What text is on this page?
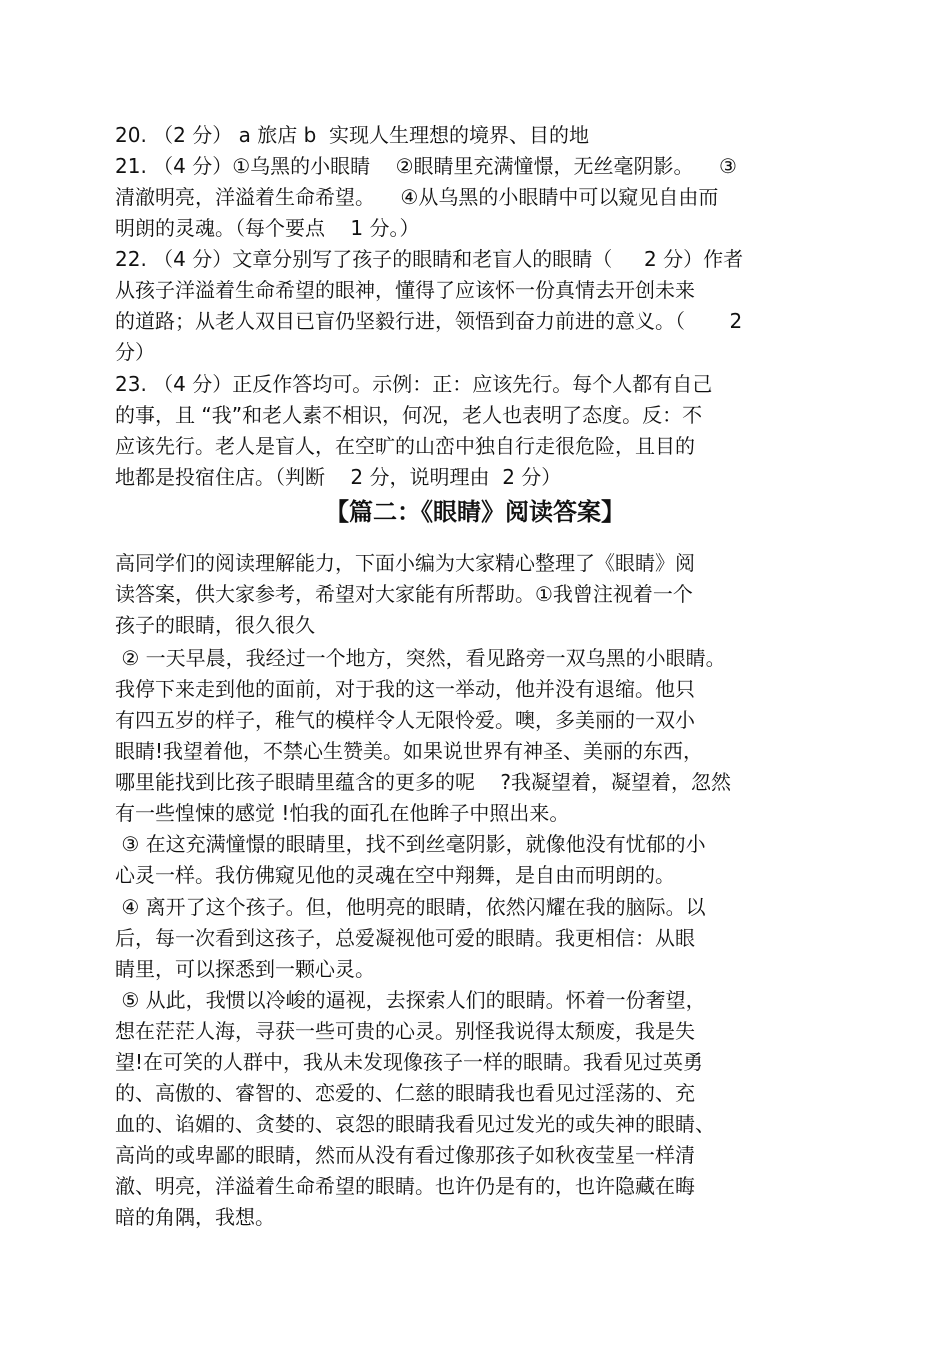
20. （2 分） a 旅店 b  实现人生理想的境界、目的地
21. （4 分）①乌黑的小眼睛    ②眼睛里充满憧憬，无丝毫阴影。    ③
清澈明亮，洋溢着生命希望。    ④从乌黑的小眼睛中可以窥见自由而
明朗的灵魂。（每个要点    1 分。）
22. （4 分）文章分别写了孩子的眼睛和老盲人的眼睛（     2 分）作者
从孩子洋溢着生命希望的眼神，懂得了应该怀一份真情去开创未来
的道路；从老人双目已盲仍坚毅行进，领悟到奋力前进的意义。（       2
分）
23. （4 分）正反作答均可。示例：正：应该先行。每个人都有自己
的事，且 “我”和老人素不相识，何况，老人也表明了态度。反：不
应该先行。老人是盲人，在空旷的山峦中独自行走很危险，且目的
地都是投宿住店。（判断    2 分，说明理由  2 分）
【篇二：《眼睛》阅读答案】
高同学们的阅读理解能力，下面小编为大家精心整理了《眼睛》阅
读答案，供大家参考，希望对大家能有所帮助。①我曾注视着一个
孩子的眼睛，很久很久
② 一天早晨，我经过一个地方，突然，看见路旁一双乌黑的小眼睛。
我停下来走到他的面前，对于我的这一举动，他并没有退缩。他只
有四五岁的样子，稚气的模样令人无限怜爱。噢，多美丽的一双小
眼睛!我望着他，不禁心生赞美。如果说世界有神圣、美丽的东西，
哪里能找到比孩子眼睛里蕴含的更多的呢    ?我凝望着，凝望着，忽然
有一些惶悚的感觉 !怕我的面孔在他眸子中照出来。
③ 在这充满憧憬的眼睛里，找不到丝毫阴影，就像他没有忧郁的小
心灵一样。我仿佛窥见他的灵魂在空中翔舞，是自由而明朗的。
④ 离开了这个孩子。但，他明亮的眼睛，依然闪耀在我的脑际。以
后，每一次看到这孩子，总爱凝视他可爱的眼睛。我更相信：从眼
睛里，可以探悉到一颗心灵。
⑤ 从此，我惯以冷峻的逼视，去探索人们的眼睛。怀着一份奢望，
想在茫茫人海，寻获一些可贵的心灵。别怪我说得太颓废，我是失
望!在可笑的人群中，我从未发现像孩子一样的眼睛。我看见过英勇
的、高傲的、睿智的、恋爱的、仁慈的眼睛我也看见过淫荡的、充
血的、谄媚的、贪婪的、哀怨的眼睛我看见过发光的或失神的眼睛、
高尚的或卑鄙的眼睛，然而从没有看过像那孩子如秋夜莹星一样清
澈、明亮，洋溢着生命希望的眼睛。也许仍是有的，也许隐藏在晦
暗的角隅，我想。
